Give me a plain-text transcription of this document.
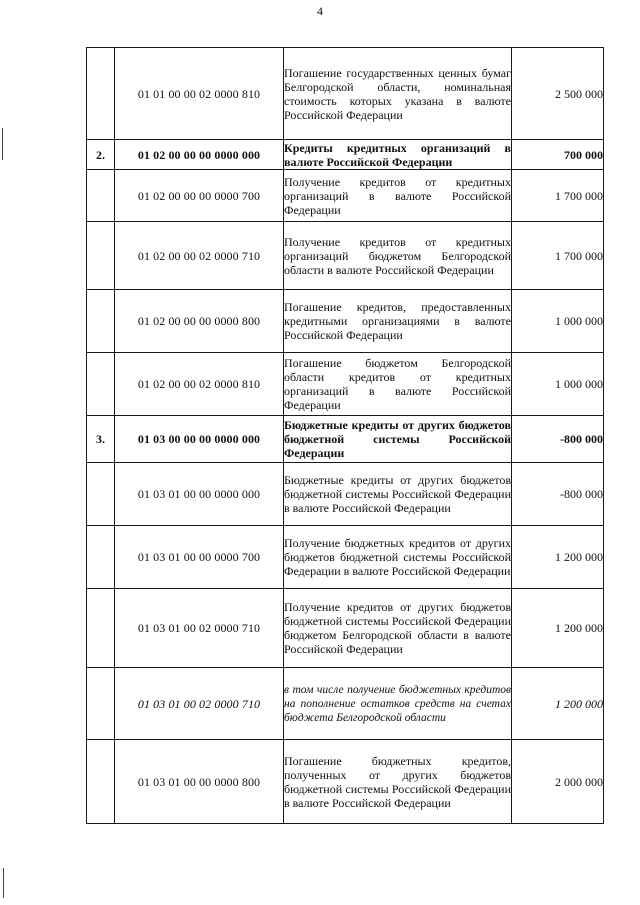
4
	01 01 00 00 02 0000 810	Погашение государственных ценных бумаг Белгородской области, номинальная стоимость которых указана в валюте Российской Федерации	2 500 000
2.	01 02 00 00 00 0000 000	Кредиты кредитных организаций в валюте Российской Федерации	700 000
	01 02 00 00 00 0000 700	Получение кредитов от кредитных организаций в валюте Российской Федерации	1 700 000
	01 02 00 00 02 0000 710	Получение кредитов от кредитных организаций бюджетом Белгородской области в валюте Российской Федерации	1 700 000
	01 02 00 00 00 0000 800	Погашение кредитов, предоставленных кредитными организациями в валюте Российской Федерации	1 000 000
	01 02 00 00 02 0000 810	Погашение бюджетом Белгородской области кредитов от кредитных организаций в валюте Российской Федерации	1 000 000
3.	01 03 00 00 00 0000 000	Бюджетные кредиты от других бюджетов бюджетной системы Российской Федерации	-800 000
	01 03 01 00 00 0000 000	Бюджетные кредиты от других бюджетов бюджетной системы Российской Федерации в валюте Российской Федерации	-800 000
	01 03 01 00 00 0000 700	Получение бюджетных кредитов от других бюджетов бюджетной системы Российской Федерации в валюте Российской Федерации	1 200 000
	01 03 01 00 02 0000 710	Получение кредитов от других бюджетов бюджетной системы Российской Федерации бюджетом Белгородской области в валюте Российской Федерации	1 200 000
	01 03 01 00 02 0000 710	в том числе получение бюджетных кредитов на пополнение остатков средств на счетах бюджета Белгородской области	1 200 000
	01 03 01 00 00 0000 800	Погашение бюджетных кредитов, полученных от других бюджетов бюджетной системы Российской Федерации в валюте Российской Федерации	2 000 000
